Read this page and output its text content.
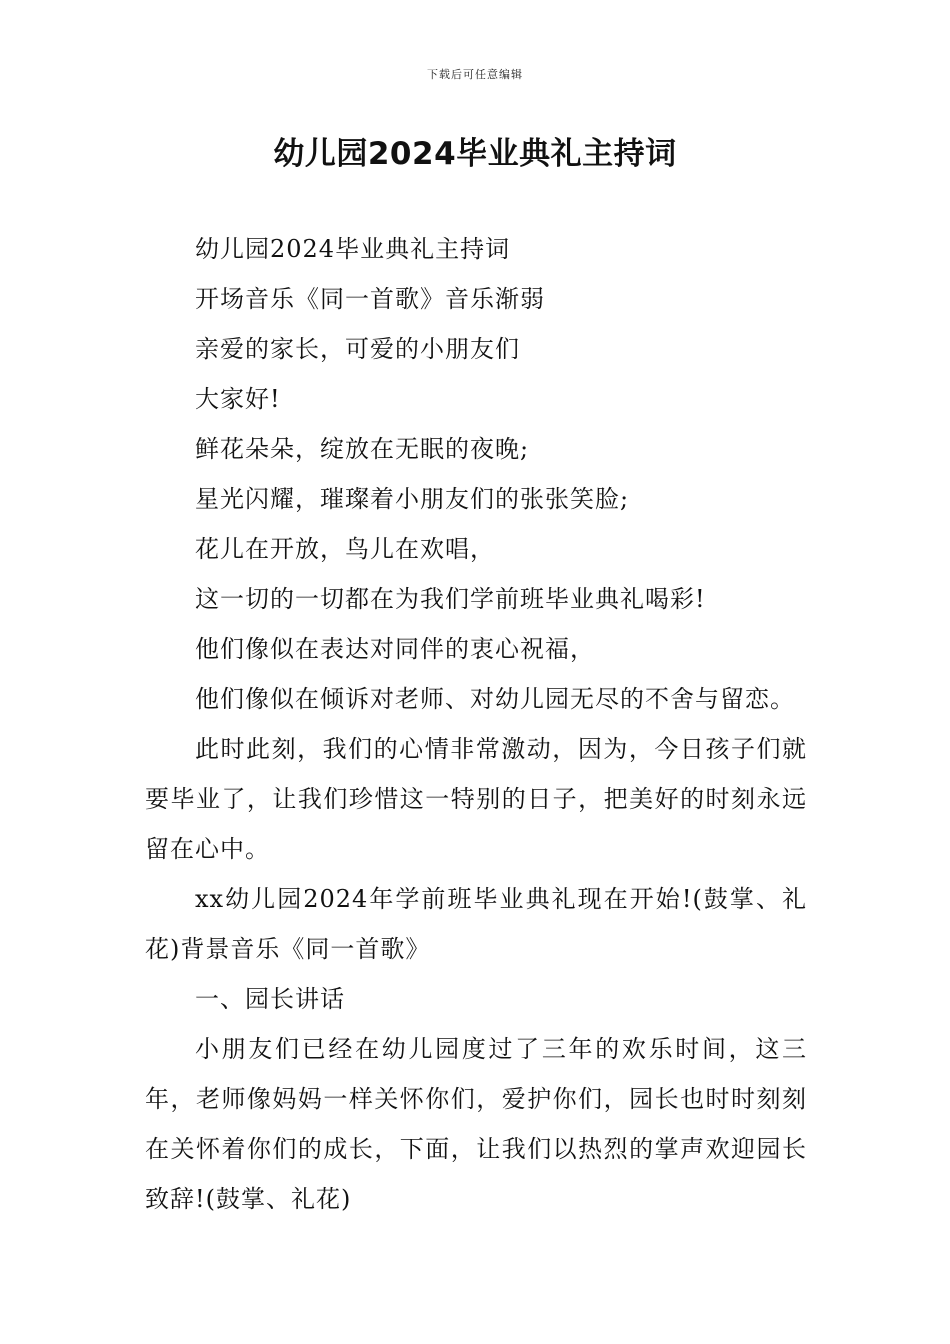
下载后可任意编辑
幼儿园2024毕业典礼主持词

幼儿园2024毕业典礼主持词

开场音乐《同一首歌》音乐渐弱

亲爱的家长，可爱的小朋友们

大家好!

鲜花朵朵，绽放在无眠的夜晚;

星光闪耀，璀璨着小朋友们的张张笑脸;

花儿在开放，鸟儿在欢唱，

这一切的一切都在为我们学前班毕业典礼喝彩!

他们像似在表达对同伴的衷心祝福，

他们像似在倾诉对老师、对幼儿园无尽的不舍与留恋。

此时此刻，我们的心情非常激动，因为，今日孩子们就要毕业了，让我们珍惜这一特别的日子，把美好的时刻永远留在心中。

xx幼儿园2024年学前班毕业典礼现在开始!(鼓掌、礼花)背景音乐《同一首歌》

一、园长讲话

小朋友们已经在幼儿园度过了三年的欢乐时间，这三年，老师像妈妈一样关怀你们，爱护你们，园长也时时刻刻在关怀着你们的成长，下面，让我们以热烈的掌声欢迎园长致辞!(鼓掌、礼花)
